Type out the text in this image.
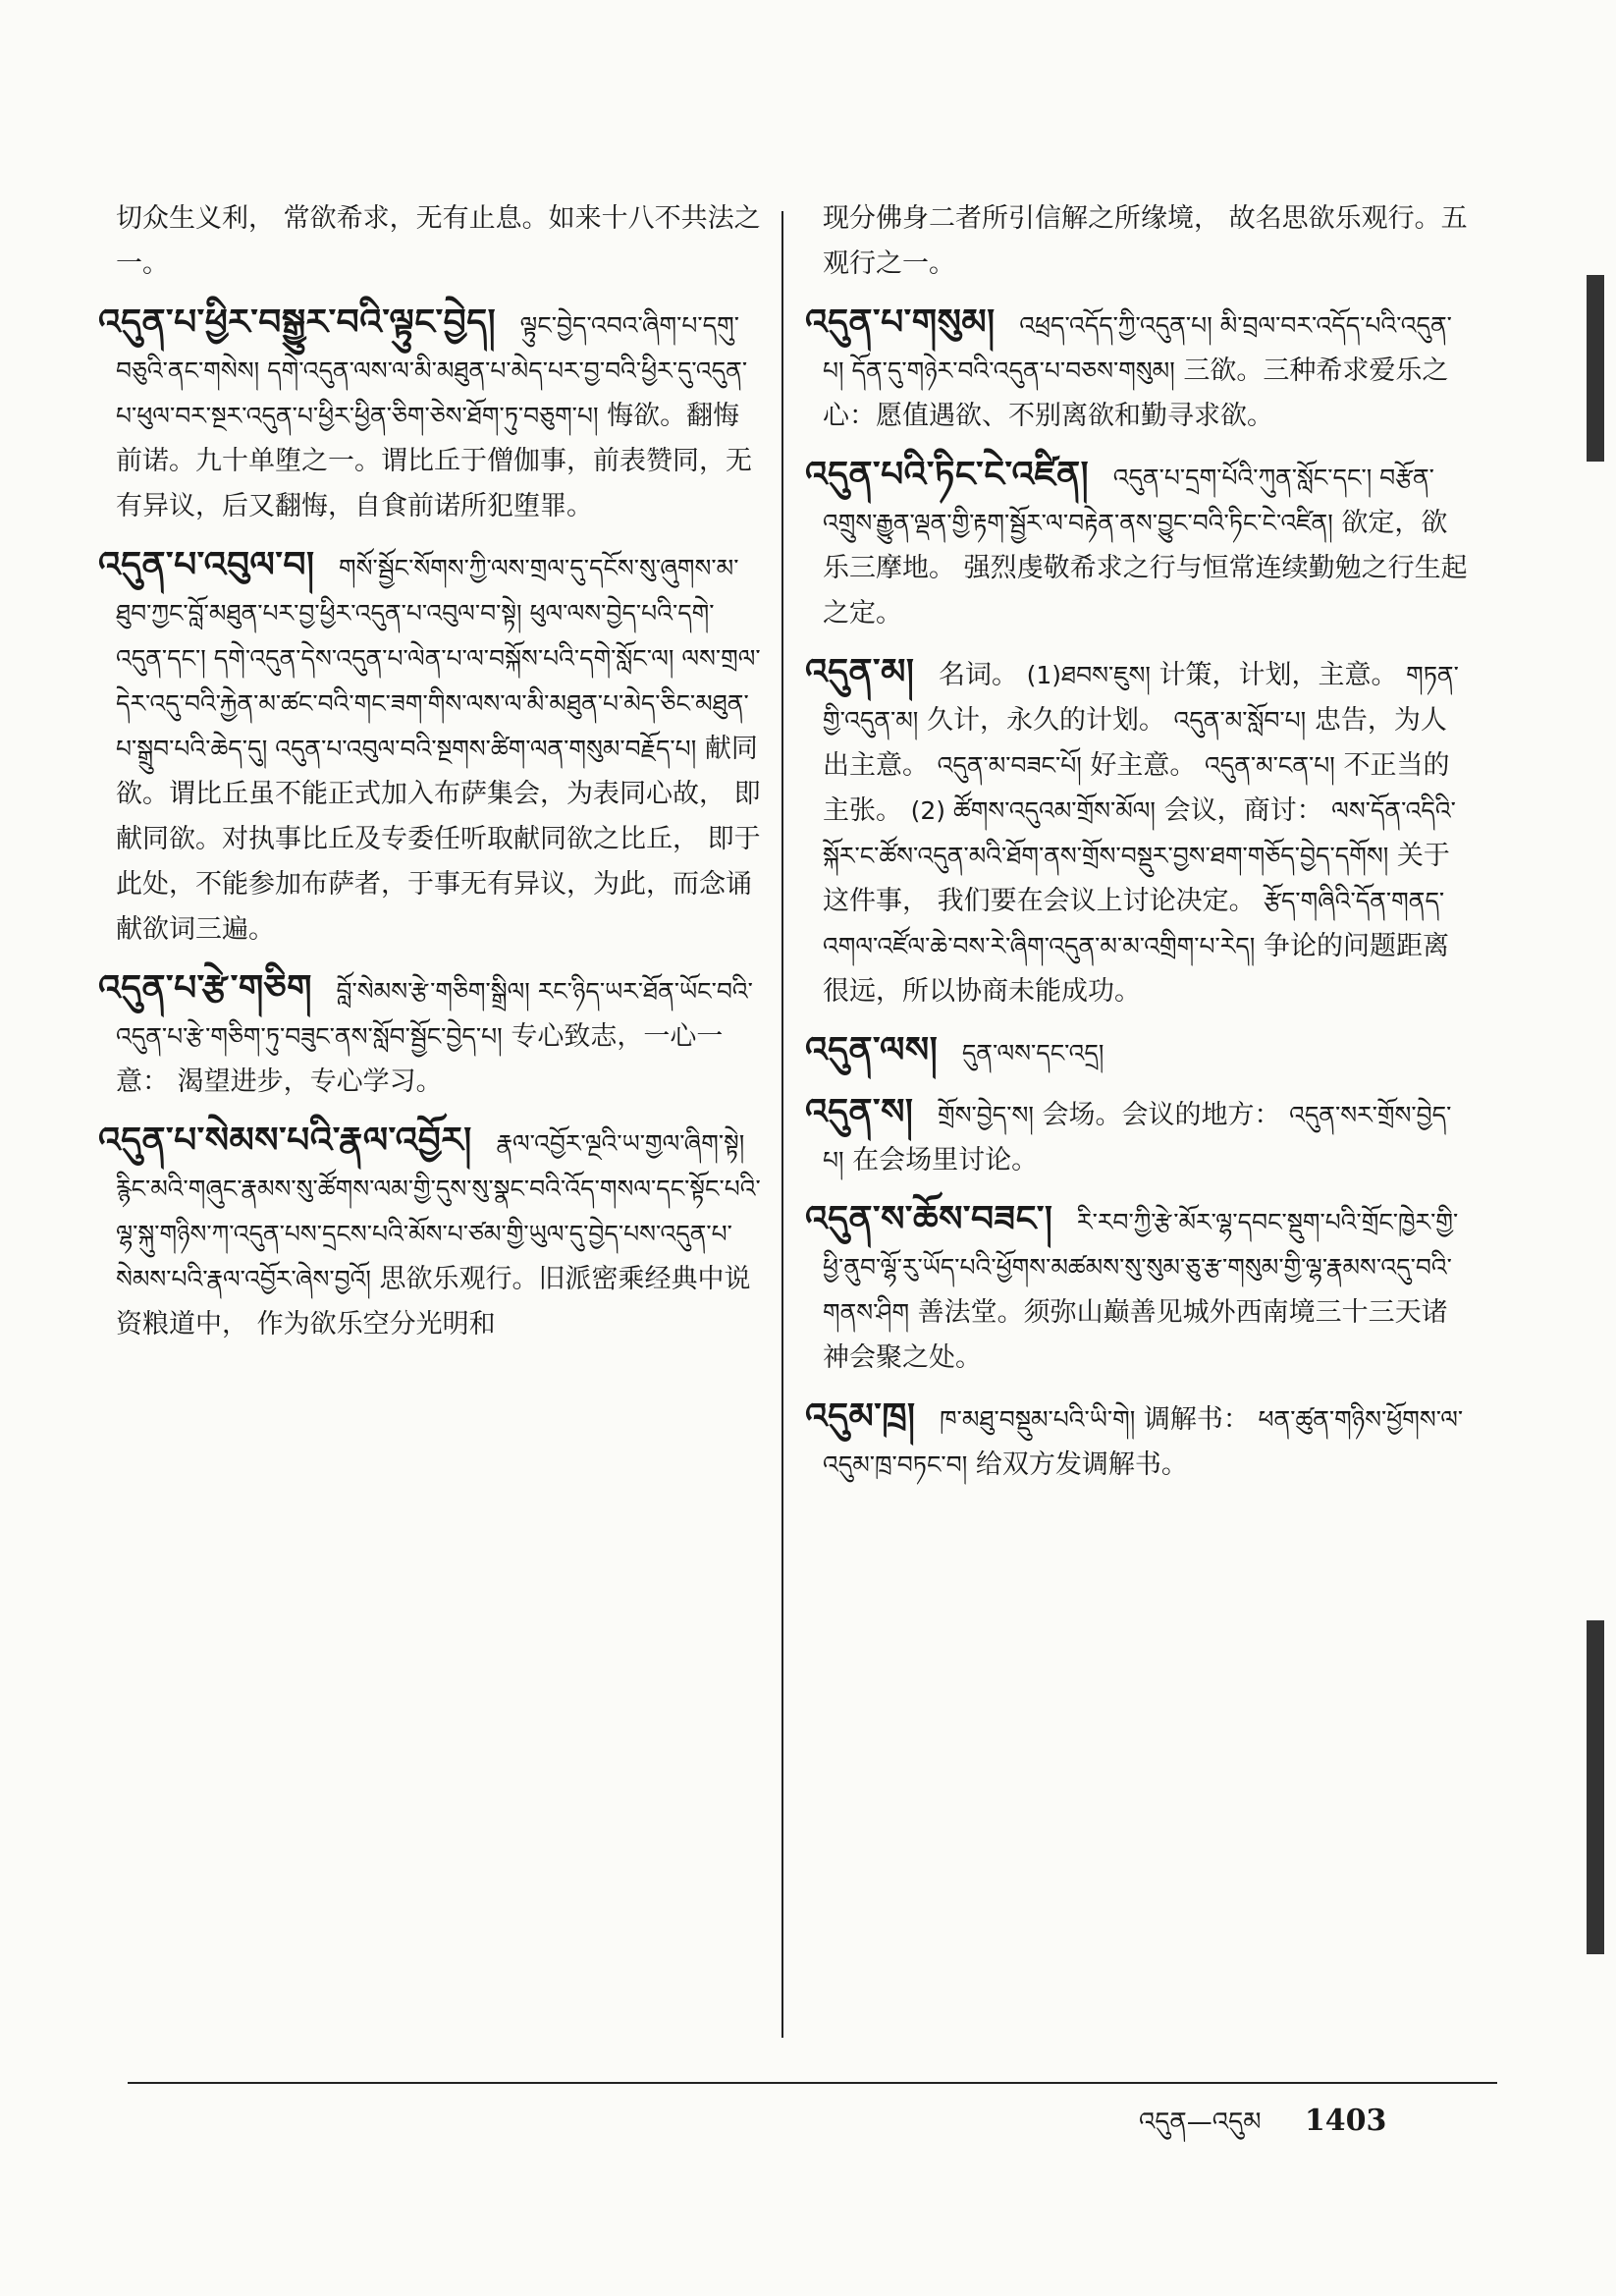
切众生义利， 常欲希求，无有止息。如来十八不共法之一。
འདུན་པ་ཕྱིར་བསྒྱུར་བའི་ལྟུང་བྱེད། ལྟུང་བྱེད་འབའ་ཞིག་པ་དགུ་བཅུའི་ནང་གསེས། དགེ་འདུན་ལས་ལ་མི་མཐུན་པ་མེད་པར་བྱ་བའི་ཕྱིར་དུ་འདུན་པ་ཕུལ་བར་སྔར་འདུན་པ་ཕྱིར་ཕྱིན་ཅིག་ཅེས་ཐོག་ཏུ་བཅུག་པ། 悔欲。翻悔前诺。九十单堕之一。谓比丘于僧伽事，前表赞同，无有异议，后又翻悔，自食前诺所犯堕罪。
འདུན་པ་འབུལ་བ། གསོ་སྦྱོང་སོགས་ཀྱི་ལས་གྲལ་དུ་དངོས་སུ་ཞུགས་མ་ཐུབ་ཀྱང་བློ་མཐུན་པར་བྱ་ཕྱིར་འདུན་པ་འབུལ་བ་སྟེ། ཕུལ་ལས་བྱེད་པའི་དགེ་འདུན་དང་། དགེ་འདུན་དེས་འདུན་པ་ལེན་པ་ལ་བསྐོས་པའི་དགེ་སློང་ལ། ལས་གྲལ་དེར་འདུ་བའི་རྐྱེན་མ་ཚང་བའི་གང་ཟག་གིས་ལས་ལ་མི་མཐུན་པ་མེད་ཅིང་མཐུན་པ་སྒྲུབ་པའི་ཆེད་དུ། འདུན་པ་འབུལ་བའི་སྔགས་ཚིག་ལན་གསུམ་བརྗོད་པ། 献同欲。谓比丘虽不能正式加入布萨集会，为表同心故， 即献同欲。对执事比丘及专委任听取献同欲之比丘， 即于此处，不能参加布萨者，于事无有异议，为此，而念诵献欲词三遍。
འདུན་པ་རྩེ་གཅིག བློ་སེམས་རྩེ་གཅིག་སྒྲིལ། རང་ཉིད་ཡར་ཐོན་ཡོང་བའི་འདུན་པ་རྩེ་གཅིག་ཏུ་བཟུང་ནས་སློབ་སྦྱོང་བྱེད་པ། 专心致志，一心一意： 渴望进步，专心学习。
འདུན་པ་སེམས་པའི་རྣལ་འབྱོར། རྣལ་འབྱོར་ལྔའི་ཡ་གྱལ་ཞིག་སྟེ། རྙིང་མའི་གཞུང་རྣམས་སུ་ཚོགས་ལམ་གྱི་དུས་སུ་སྣང་བའི་འོད་གསལ་དང་སྟོང་པའི་ལྷ་སྐུ་གཉིས་ཀ་འདུན་པས་དྲངས་པའི་མོས་པ་ཙམ་གྱི་ཡུལ་དུ་བྱེད་པས་འདུན་པ་སེམས་པའི་རྣལ་འབྱོར་ཞེས་བྱའོ། 思欲乐观行。旧派密乘经典中说资粮道中， 作为欲乐空分光明和
现分佛身二者所引信解之所缘境， 故名思欲乐观行。五观行之一。
འདུན་པ་གསུམ། འཕྲད་འདོད་ཀྱི་འདུན་པ། མི་བྲལ་བར་འདོད་པའི་འདུན་པ། དོན་དུ་གཉེར་བའི་འདུན་པ་བཅས་གསུམ། 三欲。三种希求爱乐之心：愿值遇欲、不别离欲和勤寻求欲。
འདུན་པའི་ཏིང་ངེ་འཛིན། འདུན་པ་དྲག་པོའི་ཀུན་སློང་དང་། བརྩོན་འགྲུས་རྒྱུན་ལྡན་གྱི་རྟག་སྦྱོར་ལ་བརྟེན་ནས་བྱུང་བའི་ཏིང་ངེ་འཛིན། 欲定，欲乐三摩地。 强烈虔敬希求之行与恒常连续勤勉之行生起之定。
འདུན་མ། 名词。 (1)ཐབས་ཇུས། 计策，计划，主意。 གཏན་གྱི་འདུན་མ། 久计，永久的计划。 འདུན་མ་སློབ་པ། 忠告，为人出主意。 འདུན་མ་བཟང་པོ། 好主意。 འདུན་མ་ངན་པ། 不正当的主张。 (2) ཚོགས་འདུའམ་གྲོས་མོལ། 会议，商讨： ལས་དོན་འདིའི་སྐོར་ང་ཚོས་འདུན་མའི་ཐོག་ནས་གྲོས་བསྡུར་བྱས་ཐག་གཅོད་བྱེད་དགོས། 关于这件事， 我们要在会议上讨论决定。 རྩོད་གཞིའི་དོན་གནད་འགལ་འཛོལ་ཆེ་བས་རེ་ཞིག་འདུན་མ་མ་འགྲིག་པ་རེད། 争论的问题距离很远，所以协商未能成功。
འདུན་ལས། དུན་ལས་དང་འདྲ།
འདུན་ས། གྲོས་བྱེད་ས། 会场。会议的地方： འདུན་སར་གྲོས་བྱེད་པ། 在会场里讨论。
འདུན་ས་ཆོས་བཟང་། རི་རབ་ཀྱི་རྩེ་མོར་ལྷ་དབང་སྡུག་པའི་གྲོང་ཁྱེར་གྱི་ཕྱི་ནུབ་ལྷོ་རུ་ཡོད་པའི་ཕྱོགས་མཚམས་སུ་སུམ་ཅུ་རྩ་གསུམ་གྱི་ལྷ་རྣམས་འདུ་བའི་གནས་ཤིག 善法堂。须弥山巅善见城外西南境三十三天诸神会聚之处。
འདུམ་ཁྲ། ཁ་མཐུ་བསྡུམ་པའི་ཡི་གེ། 调解书： ཕན་ཚུན་གཉིས་ཕྱོགས་ལ་འདུམ་ཁྲ་བཏང་བ། 给双方发调解书。
འདུན—འདུམ 1403
